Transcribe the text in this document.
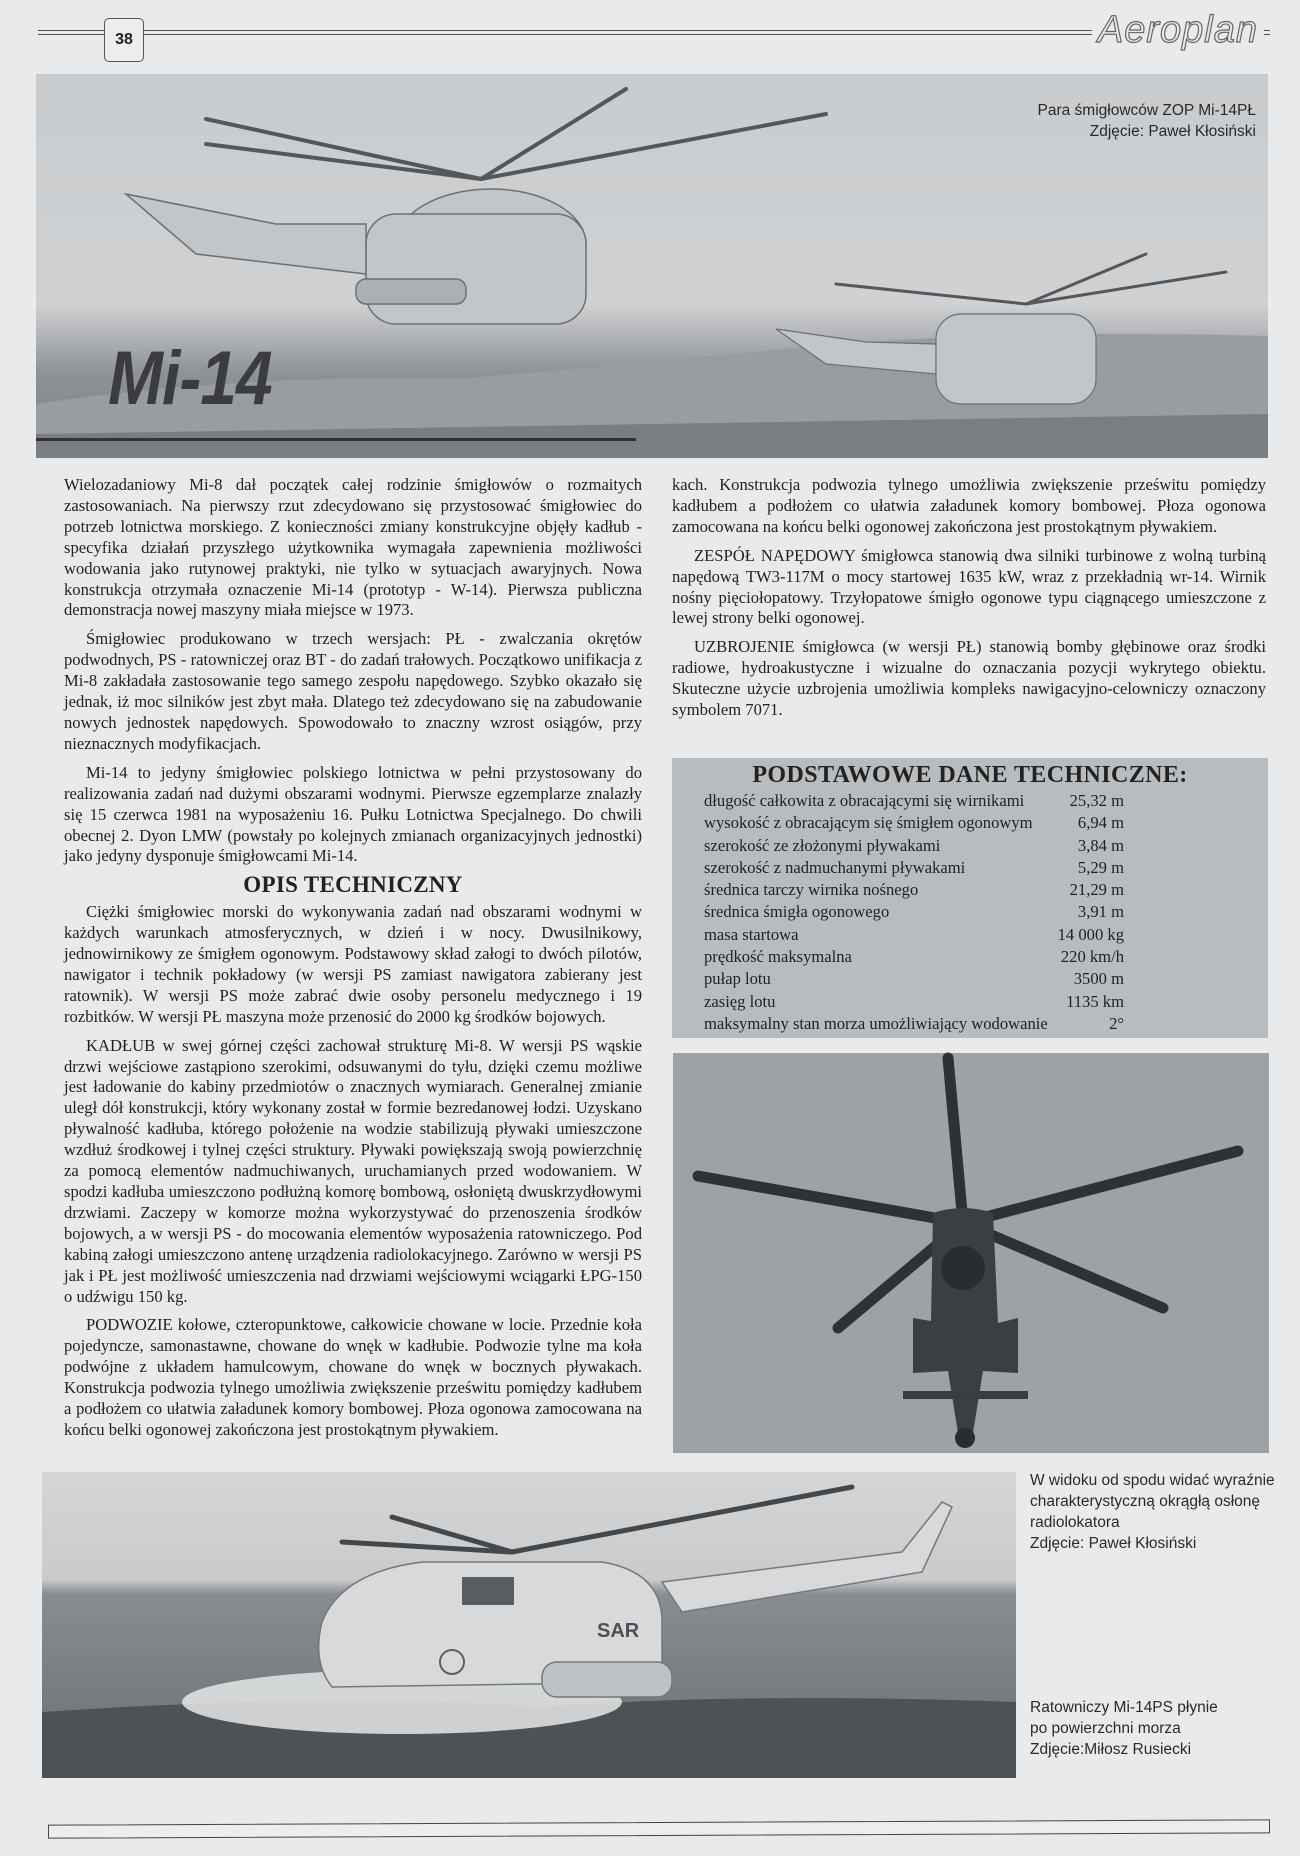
38	Aeroplan
Para śmigłowców ZOP Mi-14PŁ
Zdjęcie: Paweł Kłosiński
Mi-14

Wielozadaniowy Mi-8 dał początek całej rodzinie śmigłowów o rozmaitych zastosowaniach. Na pierwszy rzut zdecydowano się przystosować śmigłowiec do potrzeb lotnictwa morskiego. Z konieczności zmiany konstrukcyjne objęły kadłub - specyfika działań przyszłego użytkownika wymagała zapewnienia możliwości wodowania jako rutynowej praktyki, nie tylko w sytuacjach awaryjnych. Nowa konstrukcja otrzymała oznaczenie Mi-14 (prototyp - W-14). Pierwsza publiczna demonstracja nowej maszyny miała miejsce w 1973.

Śmigłowiec produkowano w trzech wersjach: PŁ - zwalczania okrętów podwodnych, PS - ratowniczej oraz BT - do zadań trałowych. Początkowo unifikacja z Mi-8 zakładała zastosowanie tego samego zespołu napędowego. Szybko okazało się jednak, iż moc silników jest zbyt mała. Dlatego też zdecydowano się na zabudowanie nowych jednostek napędowych. Spowodowało to znaczny wzrost osiągów, przy nieznacznych modyfikacjach.

Mi-14 to jedyny śmigłowiec polskiego lotnictwa w pełni przystosowany do realizowania zadań nad dużymi obszarami wodnymi. Pierwsze egzemplarze znalazły się 15 czerwca 1981 na wyposażeniu 16. Pułku Lotnictwa Specjalnego. Do chwili obecnej 2. Dyon LMW (powstały po kolejnych zmianach organizacyjnych jednostki) jako jedyny dysponuje śmigłowcami Mi-14.

OPIS TECHNICZNY

Ciężki śmigłowiec morski do wykonywania zadań nad obszarami wodnymi w każdych warunkach atmosferycznych, w dzień i w nocy. Dwusilnikowy, jednowirnikowy ze śmigłem ogonowym. Podstawowy skład załogi to dwóch pilotów, nawigator i technik pokładowy (w wersji PS zamiast nawigatora zabierany jest ratownik). W wersji PS może zabrać dwie osoby personelu medycznego i 19 rozbitków. W wersji PŁ maszyna może przenosić do 2000 kg środków bojowych.

KADŁUB w swej górnej części zachował strukturę Mi-8. W wersji PS wąskie drzwi wejściowe zastąpiono szerokimi, odsuwanymi do tyłu, dzięki czemu możliwe jest ładowanie do kabiny przedmiotów o znacznych wymiarach. Generalnej zmianie uległ dół konstrukcji, który wykonany został w formie bezredanowej łodzi. Uzyskano pływalność kadłuba, którego położenie na wodzie stabilizują pływaki umieszczone wzdłuż środkowej i tylnej części struktury. Pływaki powiększają swoją powierzchnię za pomocą elementów nadmuchiwanych, uruchamianych przed wodowaniem. W spodzi kadłuba umieszczono podłużną komorę bombową, osłoniętą dwuskrzydłowymi drzwiami. Zaczepy w komorze można wykorzystywać do przenoszenia środków bojowych, a w wersji PS - do mocowania elementów wyposażenia ratowniczego. Pod kabiną załogi umieszczono antenę urządzenia radiolokacyjnego. Zarówno w wersji PS jak i PŁ jest możliwość umieszczenia nad drzwiami wejściowymi wciągarki ŁPG-150 o udźwigu 150 kg.

PODWOZIE kołowe, czteropunktowe, całkowicie chowane w locie. Przednie koła pojedyncze, samonastawne, chowane do wnęk w kadłubie. Podwozie tylne ma koła podwójne z układem hamulcowym, chowane do wnęk w bocznych pływakach. Konstrukcja podwozia tylnego umożliwia zwiększenie prześwitu pomiędzy kadłubem a podłożem co ułatwia załadunek komory bombowej. Płoza ogonowa zamocowana na końcu belki ogonowej zakończona jest prostokątnym pływakiem.

kach. Konstrukcja podwozia tylnego umożliwia zwiększenie prześwitu pomiędzy kadłubem a podłożem co ułatwia załadunek komory bombowej. Płoza ogonowa zamocowana na końcu belki ogonowej zakończona jest prostokątnym pływakiem.

ZESPÓŁ NAPĘDOWY śmigłowca stanowią dwa silniki turbinowe z wolną turbiną napędową TW3-117M o mocy startowej 1635 kW, wraz z przekładnią wr-14. Wirnik nośny pięciołopatowy. Trzyłopatowe śmigło ogonowe typu ciągnącego umieszczone z lewej strony belki ogonowej.

UZBROJENIE śmigłowca (w wersji PŁ) stanowią bomby głębinowe oraz środki radiowe, hydroakustyczne i wizualne do oznaczania pozycji wykrytego obiektu. Skuteczne użycie uzbrojenia umożliwia kompleks nawigacyjno-celowniczy oznaczony symbolem 7071.

PODSTAWOWE DANE TECHNICZNE:
długość całkowita z obracającymi się wirnikami	25,32 m
wysokość z obracającym się śmigłem ogonowym	6,94 m
szerokość ze złożonymi pływakami	3,84 m
szerokość z nadmuchanymi pływakami	5,29 m
średnica tarczy wirnika nośnego	21,29 m
średnica śmigła ogonowego	3,91 m
masa startowa	14 000 kg
prędkość maksymalna	220 km/h
pułap lotu	3500 m
zasięg lotu	1135 km
maksymalny stan morza umożliwiający wodowanie	2°
W widoku od spodu widać wyraźnie
charakterystyczną okrągłą osłonę
radiolokatora
Zdjęcie: Paweł Kłosiński
SAR
Ratowniczy Mi-14PS płynie
po powierzchni morza
Zdjęcie:Miłosz Rusiecki
